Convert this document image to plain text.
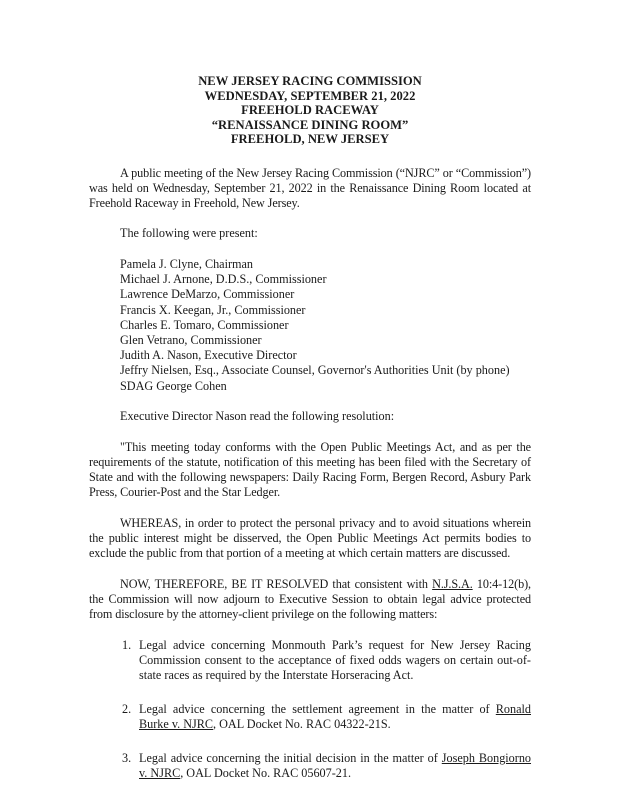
NEW JERSEY RACING COMMISSION
WEDNESDAY, SEPTEMBER 21, 2022
FREEHOLD RACEWAY
“RENAISSANCE DINING ROOM”
FREEHOLD, NEW JERSEY

A public meeting of the New Jersey Racing Commission (“NJRC” or “Commission”) was held on Wednesday, September 21, 2022 in the Renaissance Dining Room located at Freehold Raceway in Freehold, New Jersey.

The following were present:

Pamela J. Clyne, Chairman
Michael J. Arnone, D.D.S., Commissioner
Lawrence DeMarzo, Commissioner
Francis X. Keegan, Jr., Commissioner
Charles E. Tomaro, Commissioner
Glen Vetrano, Commissioner
Judith A. Nason, Executive Director
Jeffry Nielsen, Esq., Associate Counsel, Governor's Authorities Unit (by phone)
SDAG George Cohen

Executive Director Nason read the following resolution:

"This meeting today conforms with the Open Public Meetings Act, and as per the requirements of the statute, notification of this meeting has been filed with the Secretary of State and with the following newspapers: Daily Racing Form, Bergen Record, Asbury Park Press, Courier-Post and the Star Ledger.

WHEREAS, in order to protect the personal privacy and to avoid situations wherein the public interest might be disserved, the Open Public Meetings Act permits bodies to exclude the public from that portion of a meeting at which certain matters are discussed.

NOW, THEREFORE, BE IT RESOLVED that consistent with N.J.S.A. 10:4-12(b), the Commission will now adjourn to Executive Session to obtain legal advice protected from disclosure by the attorney-client privilege on the following matters:

1. Legal advice concerning Monmouth Park’s request for New Jersey Racing Commission consent to the acceptance of fixed odds wagers on certain out-of-state races as required by the Interstate Horseracing Act.
2. Legal advice concerning the settlement agreement in the matter of Ronald Burke v. NJRC, OAL Docket No. RAC 04322-21S.
3. Legal advice concerning the initial decision in the matter of Joseph Bongiorno v. NJRC, OAL Docket No. RAC 05607-21.
